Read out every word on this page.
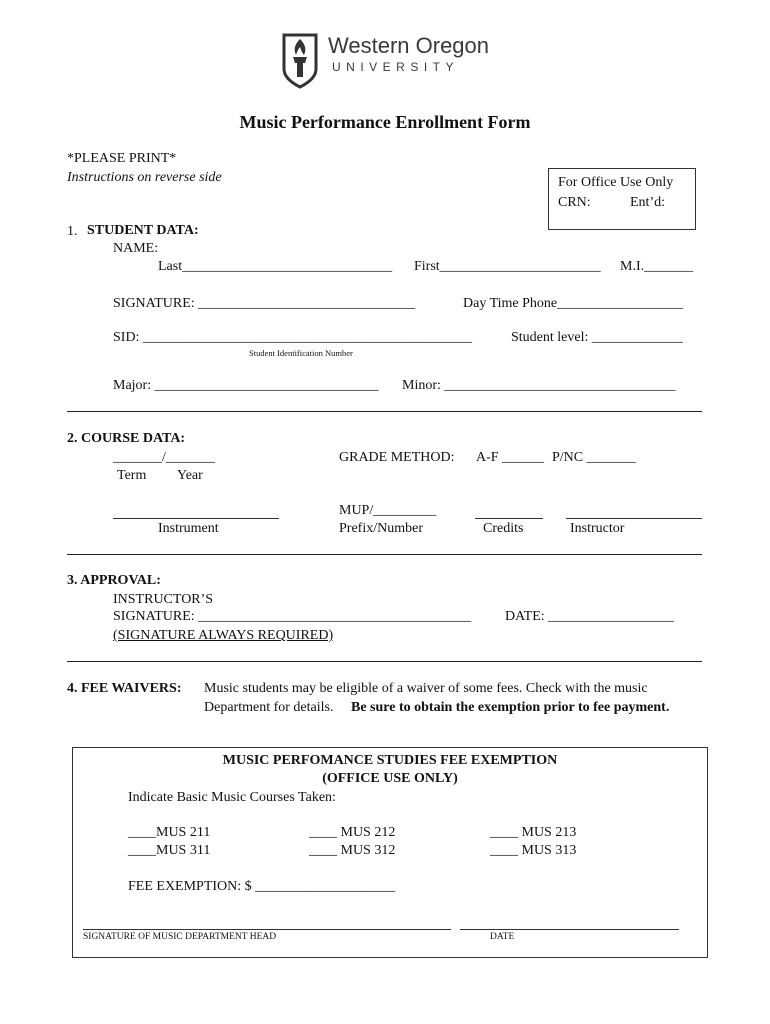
Western Oregon
UNIVERSITY
Music Performance Enrollment Form
*PLEASE PRINT*
Instructions on reverse side	For Office Use Only
CRN:	Ent’d:
1. STUDENT DATA:
NAME:
Last______________________________ First_______________________ M.I._______
SIGNATURE: _______________________________	Day Time Phone__________________
SID: _______________________________________________	Student level: _____________
Student Identification Number
Major: ________________________________ Minor: _________________________________
2. COURSE DATA:
_______/_______
Term Year
GRADE METHOD: A-F ______ P/NC _______
MUP/_________
Instrument	Prefix/Number	Credits	Instructor
3. APPROVAL:
INSTRUCTOR’S
SIGNATURE: _______________________________________ DATE: __________________
(SIGNATURE ALWAYS REQUIRED)
4. FEE WAIVERS: Music students may be eligible of a waiver of some fees. Check with the music
Department for details. Be sure to obtain the exemption prior to fee payment.
MUSIC PERFOMANCE STUDIES FEE EXEMPTION
(OFFICE USE ONLY)
Indicate Basic Music Courses Taken:
____MUS 211	____ MUS 212	____ MUS 213
____MUS 311	____ MUS 312	____ MUS 313
FEE EXEMPTION: $ ____________________
SIGNATURE OF MUSIC DEPARTMENT HEAD	DATE
